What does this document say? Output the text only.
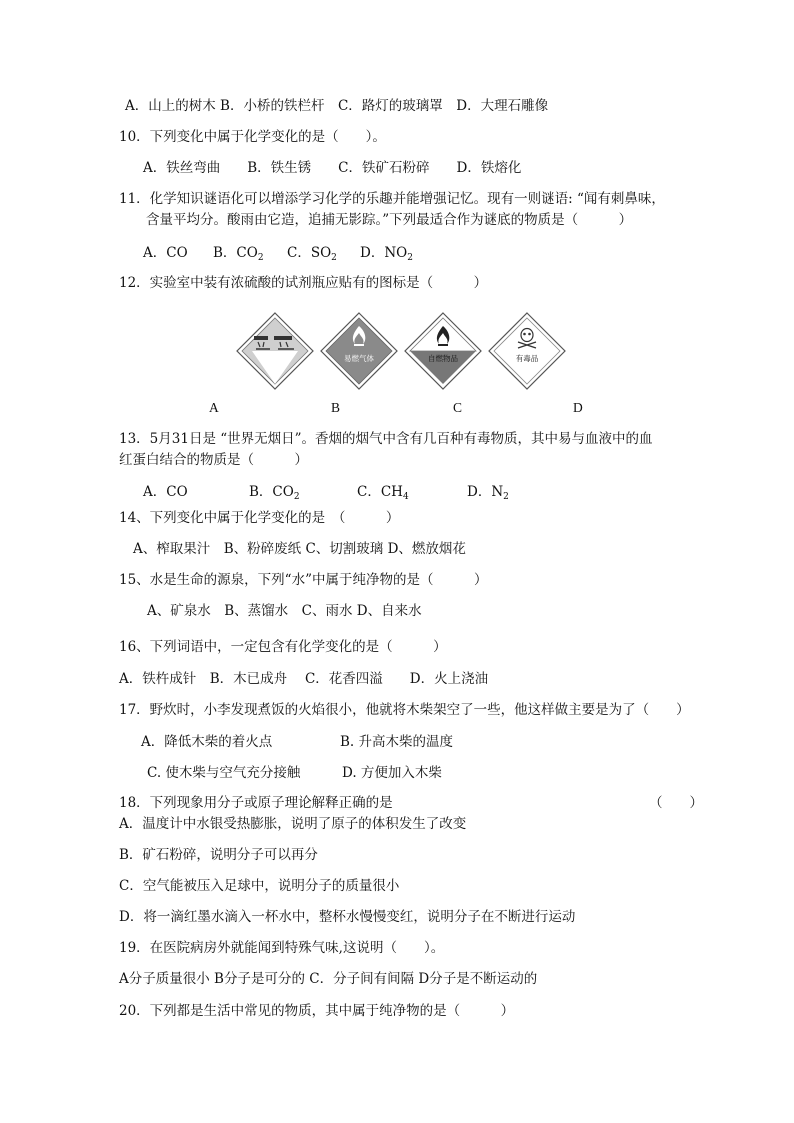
A．山上的树木 B．小桥的铁栏杆　C．路灯的玻璃罩　D．大理石雕像
10．下列变化中属于化学变化的是（　　）。
A．铁丝弯曲　　B．铁生锈　　C．铁矿石粉碎　　D．铁熔化
11．化学知识谜语化可以增添学习化学的乐趣并能增强记忆。现有一则谜语: “闻有刺鼻味，
含量平均分。酸雨由它造，追捕无影踪。”下列最适合作为谜底的物质是（　　　）
A．CO B．$CO_2$ C．$SO_2$ D．$NO_2$
12．实验室中装有浓硫酸的试剂瓶应贴有的图标是（　　　）
腐蚀品	易燃气体	自燃物品	有毒品
A	B	C	D
13．5月31日是 “世界无烟日”。香烟的烟气中含有几百种有毒物质，其中易与血液中的血
红蛋白结合的物质是（　　　）
A．CO	B．$CO_2$	C．$CH_4$	D．$N_2$
14、下列变化中属于化学变化的是　（　　　）
A、榨取果汁　B、粉碎废纸 C、切割玻璃 D、燃放烟花
15、水是生命的源泉，下列“水”中属于纯净物的是（　　　）
A、矿泉水　B、蒸馏水　C、雨水 D、自来水
16、下列词语中，一定包含有化学变化的是（　　　）
A．铁杵成针　B．木已成舟　 C．花香四溢　　D．火上浇油
17．野炊时，小李发现煮饭的火焰很小，他就将木柴架空了一些，他这样做主要是为了（　　）
A．降低木柴的着火点	B. 升高木柴的温度
C. 使木柴与空气充分接触	D. 方便加入木柴
18．下列现象用分子或原子理论解释正确的是	（　　）
A．温度计中水银受热膨胀，说明了原子的体积发生了改变
B．矿石粉碎，说明分子可以再分
C．空气能被压入足球中，说明分子的质量很小
D．将一滴红墨水滴入一杯水中，整杯水慢慢变红，说明分子在不断进行运动
19．在医院病房外就能闻到特殊气味,这说明（　　）。
A分子质量很小 B分子是可分的 C．分子间有间隔 D分子是不断运动的
20．下列都是生活中常见的物质，其中属于纯净物的是（　　　）
